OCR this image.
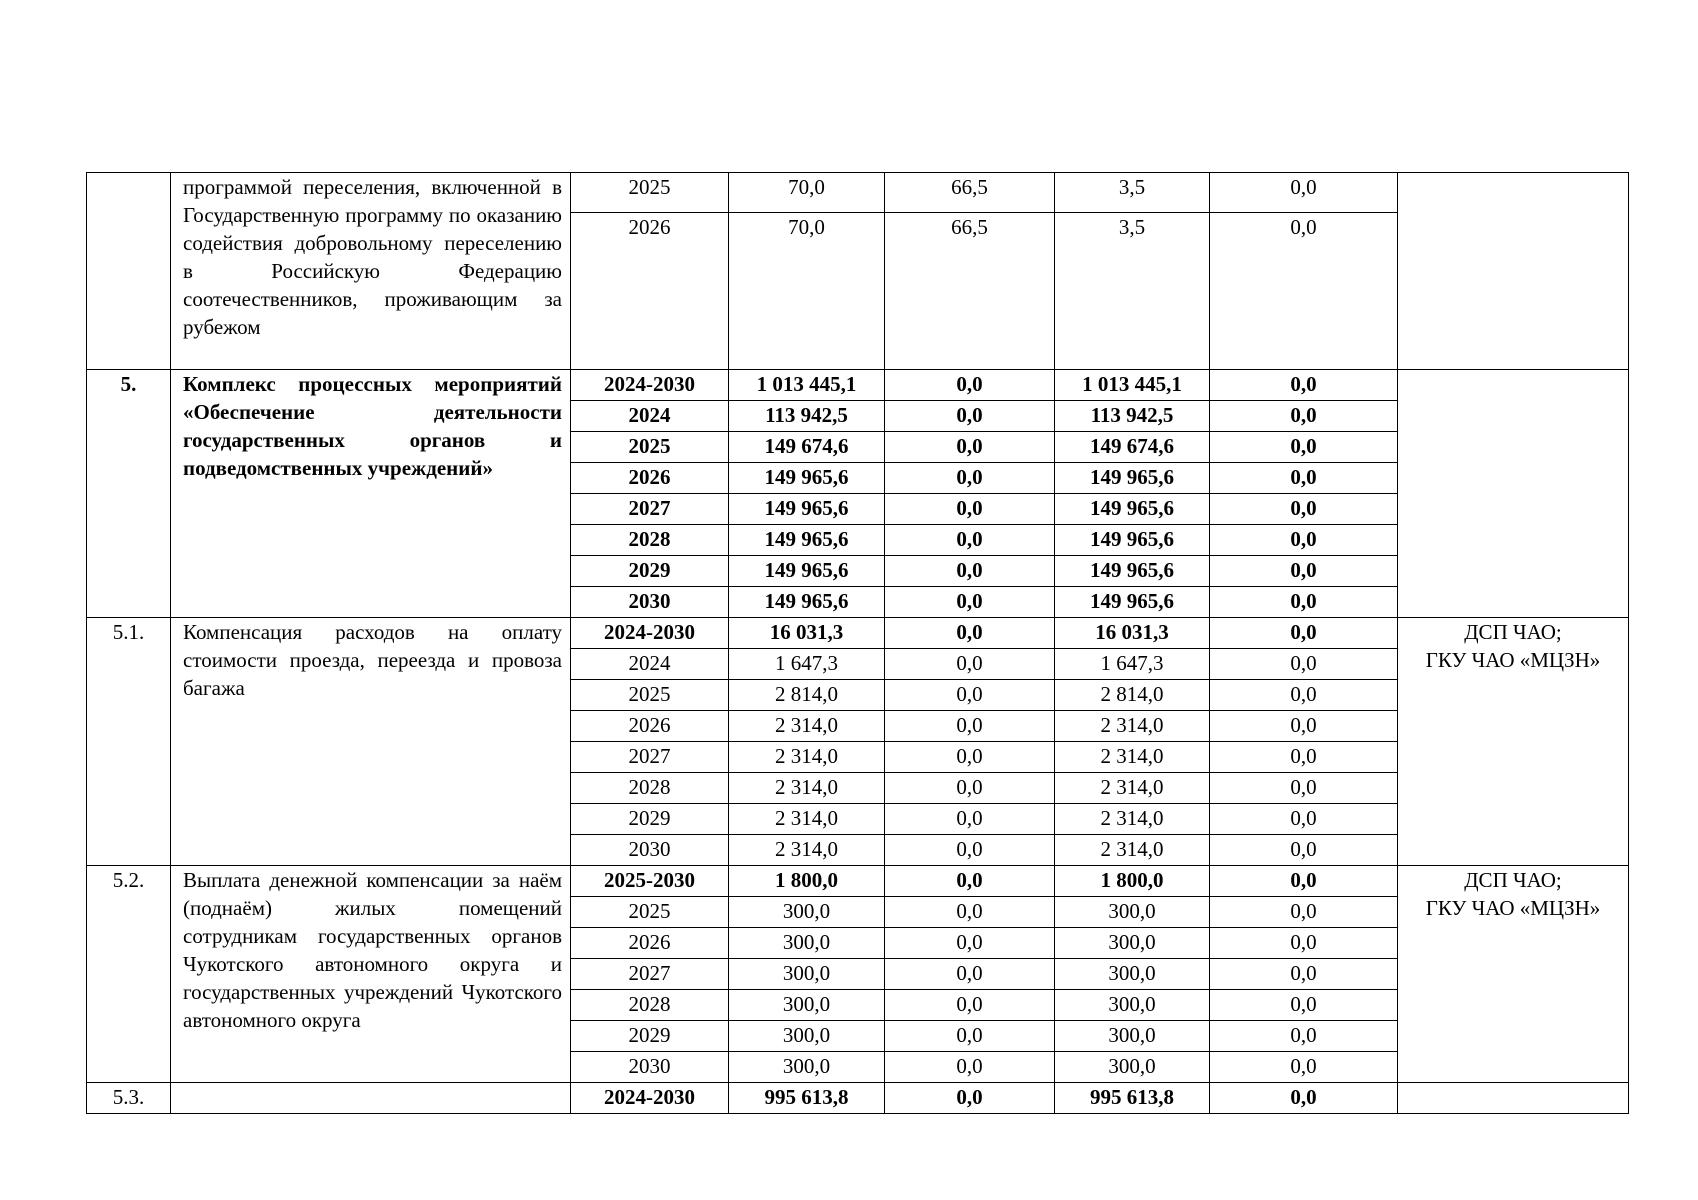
	программой переселения, включенной в Государственную программу по оказанию содействия добровольному переселению в Российскую Федерацию соотечественников, проживающим за рубежом	2025	70,0	66,5	3,5	0,0	
		2026	70,0	66,5	3,5	0,0	
5.	Комплекс процессных мероприятий «Обеспечение деятельности государственных органов и подведомственных учреждений»	2024-2030	1 013 445,1	0,0	1 013 445,1	0,0	
		2024	113 942,5	0,0	113 942,5	0,0	
		2025	149 674,6	0,0	149 674,6	0,0	
		2026	149 965,6	0,0	149 965,6	0,0	
		2027	149 965,6	0,0	149 965,6	0,0	
		2028	149 965,6	0,0	149 965,6	0,0	
		2029	149 965,6	0,0	149 965,6	0,0	
		2030	149 965,6	0,0	149 965,6	0,0	
5.1.	Компенсация расходов на оплату стоимости проезда, переезда и провоза багажа	2024-2030	16 031,3	0,0	16 031,3	0,0	ДСП ЧАО;
ГКУ ЧАО «МЦЗН»
		2024	1 647,3	0,0	1 647,3	0,0	
		2025	2 814,0	0,0	2 814,0	0,0	
		2026	2 314,0	0,0	2 314,0	0,0	
		2027	2 314,0	0,0	2 314,0	0,0	
		2028	2 314,0	0,0	2 314,0	0,0	
		2029	2 314,0	0,0	2 314,0	0,0	
		2030	2 314,0	0,0	2 314,0	0,0	
5.2.	Выплата денежной компенсации за наём (поднаём) жилых помещений сотрудникам государственных органов Чукотского автономного округа и государственных учреждений Чукотского автономного округа	2025-2030	1 800,0	0,0	1 800,0	0,0	ДСП ЧАО;
ГКУ ЧАО «МЦЗН»
		2025	300,0	0,0	300,0	0,0	
		2026	300,0	0,0	300,0	0,0	
		2027	300,0	0,0	300,0	0,0	
		2028	300,0	0,0	300,0	0,0	
		2029	300,0	0,0	300,0	0,0	
		2030	300,0	0,0	300,0	0,0	
5.3.		2024-2030	995 613,8	0,0	995 613,8	0,0	
